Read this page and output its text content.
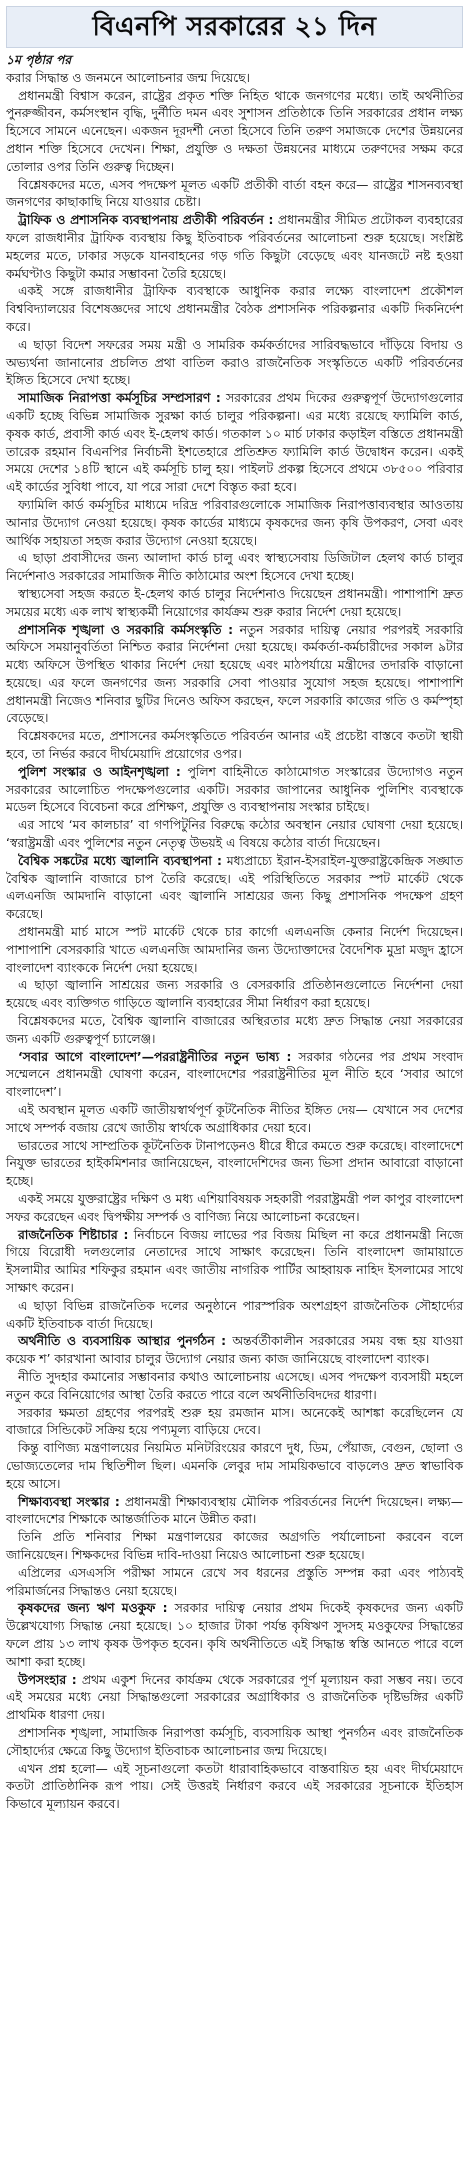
বিএনপি সরকারের ২১ দিন

১ম পৃষ্ঠার পর

করার সিদ্ধান্ত ও জনমনে আলোচনার জন্ম দিয়েছে।

প্রধানমন্ত্রী বিশ্বাস করেন, রাষ্ট্রের প্রকৃত শক্তি নিহিত থাকে জনগণের মধ্যে। তাই অর্থনীতির পুনরুজ্জীবন, কর্মসংস্থান বৃদ্ধি, দুর্নীতি দমন এবং সুশাসন প্রতিষ্ঠাকে তিনি সরকারের প্রধান লক্ষ্য হিসেবে সামনে এনেছেন। একজন দূরদর্শী নেতা হিসেবে তিনি তরুণ সমাজকে দেশের উন্নয়নের প্রধান শক্তি হিসেবে দেখেন। শিক্ষা, প্রযুক্তি ও দক্ষতা উন্নয়নের মাধ্যমে তরুণদের সক্ষম করে তোলার ওপর তিনি গুরুত্ব দিচ্ছেন।

বিশ্লেষকদের মতে, এসব পদক্ষেপ মূলত একটি প্রতীকী বার্তা বহন করে— রাষ্ট্রের শাসনব্যবস্থা জনগণের কাছাকাছি নিয়ে যাওয়ার চেষ্টা।

ট্রাফিক ও প্রশাসনিক ব্যবস্থাপনায় প্রতীকী পরিবর্তন : প্রধানমন্ত্রীর সীমিত প্রটোকল ব্যবহারের ফলে রাজধানীর ট্রাফিক ব্যবস্থায় কিছু ইতিবাচক পরিবর্তনের আলোচনা শুরু হয়েছে। সংশ্লিষ্ট মহলের মতে, ঢাকার সড়কে যানবাহনের গড় গতি কিছুটা বেড়েছে এবং যানজটে নষ্ট হওয়া কর্মঘণ্টাও কিছুটা কমার সম্ভাবনা তৈরি হয়েছে।

একই সঙ্গে রাজধানীর ট্রাফিক ব্যবস্থাকে আধুনিক করার লক্ষ্যে বাংলাদেশ প্রকৌশল বিশ্ববিদ্যালয়ের বিশেষজ্ঞদের সাথে প্রধানমন্ত্রীর বৈঠক প্রশাসনিক পরিকল্পনার একটি দিকনির্দেশ করে।

এ ছাড়া বিদেশ সফরের সময় মন্ত্রী ও সামরিক কর্মকর্তাদের সারিবদ্ধভাবে দাঁড়িয়ে বিদায় ও অভ্যর্থনা জানানোর প্রচলিত প্রথা বাতিল করাও রাজনৈতিক সংস্কৃতিতে একটি পরিবর্তনের ইঙ্গিত হিসেবে দেখা হচ্ছে।

সামাজিক নিরাপত্তা কর্মসূচির সম্প্রসারণ : সরকারের প্রথম দিকের গুরুত্বপূর্ণ উদ্যোগগুলোর একটি হচ্ছে বিভিন্ন সামাজিক সুরক্ষা কার্ড চালুর পরিকল্পনা। এর মধ্যে রয়েছে ফ্যামিলি কার্ড, কৃষক কার্ড, প্রবাসী কার্ড এবং ই-হেলথ কার্ড। গতকাল ১০ মার্চ ঢাকার কড়াইল বস্তিতে প্রধানমন্ত্রী তারেক রহমান বিএনপির নির্বাচনী ইশতেহারে প্রতিশ্রুত ফ্যামিলি কার্ড উদ্বোধন করেন। একই সময়ে দেশের ১৪টি স্থানে এই কর্মসূচি চালু হয়। পাইলট প্রকল্প হিসেবে প্রথমে ৩৮৫০০ পরিবার এই কার্ডের সুবিধা পাবে, যা পরে সারা দেশে বিস্তৃত করা হবে।

ফ্যামিলি কার্ড কর্মসূচির মাধ্যমে দরিদ্র পরিবারগুলোকে সামাজিক নিরাপত্তাব্যবস্থার আওতায় আনার উদ্যোগ নেওয়া হয়েছে। কৃষক কার্ডের মাধ্যমে কৃষকদের জন্য কৃষি উপকরণ, সেবা এবং আর্থিক সহায়তা সহজ করার উদ্যোগ নেওয়া হয়েছে।

এ ছাড়া প্রবাসীদের জন্য আলাদা কার্ড চালু এবং স্বাস্থ্যসেবায় ডিজিটাল হেলথ কার্ড চালুর নির্দেশনাও সরকারের সামাজিক নীতি কাঠামোর অংশ হিসেবে দেখা হচ্ছে।

স্বাস্থ্যসেবা সহজ করতে ই-হেলথ কার্ড চালুর নির্দেশনাও দিয়েছেন প্রধানমন্ত্রী। পাশাপাশি দ্রুত সময়ের মধ্যে এক লাখ স্বাস্থ্যকর্মী নিয়োগের কার্যক্রম শুরু করার নির্দেশ দেয়া হয়েছে।

প্রশাসনিক শৃঙ্খলা ও সরকারি কর্মসংস্কৃতি : নতুন সরকার দায়িত্ব নেয়ার পরপরই সরকারি অফিসে সময়ানুবর্তিতা নিশ্চিত করার নির্দেশনা দেয়া হয়েছে। কর্মকর্তা-কর্মচারীদের সকাল ৯টার মধ্যে অফিসে উপস্থিত থাকার নির্দেশ দেয়া হয়েছে এবং মাঠপর্যায়ে মন্ত্রীদের তদারকি বাড়ানো হয়েছে। এর ফলে জনগণের জন্য সরকারি সেবা পাওয়ার সুযোগ সহজ হয়েছে। পাশাপাশি প্রধানমন্ত্রী নিজেও শনিবার ছুটির দিনেও অফিস করছেন, ফলে সরকারি কাজের গতি ও কর্মস্পৃহা বেড়েছে।

বিশ্লেষকদের মতে, প্রশাসনের কর্মসংস্কৃতিতে পরিবর্তন আনার এই প্রচেষ্টা বাস্তবে কতটা স্থায়ী হবে, তা নির্ভর করবে দীর্ঘমেয়াদি প্রয়োগের ওপর।

পুলিশ সংস্কার ও আইনশৃঙ্খলা : পুলিশ বাহিনীতে কাঠামোগত সংস্কারের উদ্যোগও নতুন সরকারের আলোচিত পদক্ষেপগুলোর একটি। সরকার জাপানের আধুনিক পুলিশিং ব্যবস্থাকে মডেল হিসেবে বিবেচনা করে প্রশিক্ষণ, প্রযুক্তি ও ব্যবস্থাপনায় সংস্কার চাইছে।

এর সাথে ‘মব কালচার’ বা গণপিটুনির বিরুদ্ধে কঠোর অবস্থান নেয়ার ঘোষণা দেয়া হয়েছে। ‘স্বরাষ্ট্রমন্ত্রী এবং পুলিশের নতুন নেতৃত্ব উভয়ই এ বিষয়ে কঠোর বার্তা দিয়েছেন।

বৈশ্বিক সঙ্কটের মধ্যে জ্বালানি ব্যবস্থাপনা : মধ্যপ্রাচ্যে ইরান-ইসরাইল-যুক্তরাষ্ট্রকেন্দ্রিক সঙ্ঘাত বৈশ্বিক জ্বালানি বাজারে চাপ তৈরি করেছে। এই পরিস্থিতিতে সরকার স্পট মার্কেট থেকে এলএনজি আমদানি বাড়ানো এবং জ্বালানি সাশ্রয়ের জন্য কিছু প্রশাসনিক পদক্ষেপ গ্রহণ করেছে।

প্রধানমন্ত্রী মার্চ মাসে স্পট মার্কেট থেকে চার কার্গো এলএনজি কেনার নির্দেশ দিয়েছেন। পাশাপাশি বেসরকারি খাতে এলএনজি আমদানির জন্য উদ্যোক্তাদের বৈদেশিক মুদ্রা মজুদ হ্রাসে বাংলাদেশ ব্যাংককে নির্দেশ দেয়া হয়েছে।

এ ছাড়া জ্বালানি সাশ্রয়ের জন্য সরকারি ও বেসরকারি প্রতিষ্ঠানগুলোতে নির্দেশনা দেয়া হয়েছে এবং ব্যক্তিগত গাড়িতে জ্বালানি ব্যবহারের সীমা নির্ধারণ করা হয়েছে।

বিশ্লেষকদের মতে, বৈশ্বিক জ্বালানি বাজারের অস্থিরতার মধ্যে দ্রুত সিদ্ধান্ত নেয়া সরকারের জন্য একটি গুরুত্বপূর্ণ চ্যালেঞ্জ।

‘সবার আগে বাংলাদেশ’—পররাষ্ট্রনীতির নতুন ভাষ্য : সরকার গঠনের পর প্রথম সংবাদ সম্মেলনে প্রধানমন্ত্রী ঘোষণা করেন, বাংলাদেশের পররাষ্ট্রনীতির মূল নীতি হবে ‘সবার আগে বাংলাদেশ’।

এই অবস্থান মূলত একটি জাতীয়স্বার্থপূর্ণ কূটনৈতিক নীতির ইঙ্গিত দেয়— যেখানে সব দেশের সাথে সম্পর্ক বজায় রেখে জাতীয় স্বার্থকে অগ্রাধিকার দেয়া হবে।

ভারতের সাথে সাম্প্রতিক কূটনৈতিক টানাপড়েনও ধীরে ধীরে কমতে শুরু করেছে। বাংলাদেশে নিযুক্ত ভারতের হাইকমিশনার জানিয়েছেন, বাংলাদেশিদের জন্য ভিসা প্রদান আবারো বাড়ানো হচ্ছে।

একই সময়ে যুক্তরাষ্ট্রের দক্ষিণ ও মধ্য এশিয়াবিষয়ক সহকারী পররাষ্ট্রমন্ত্রী পল কাপুর বাংলাদেশ সফর করেছেন এবং দ্বিপক্ষীয় সম্পর্ক ও বাণিজ্য নিয়ে আলোচনা করেছেন।

রাজনৈতিক শিষ্টাচার : নির্বাচনে বিজয় লাভের পর বিজয় মিছিল না করে প্রধানমন্ত্রী নিজে গিয়ে বিরোধী দলগুলোর নেতাদের সাথে সাক্ষাৎ করেছেন। তিনি বাংলাদেশ জামায়াতে ইসলামীর আমির শফিকুর রহমান এবং জাতীয় নাগরিক পার্টির আহ্বায়ক নাহিদ ইসলামের সাথে সাক্ষাৎ করেন।

এ ছাড়া বিভিন্ন রাজনৈতিক দলের অনুষ্ঠানে পারস্পরিক অংশগ্রহণ রাজনৈতিক সৌহার্দ্যের একটি ইতিবাচক বার্তা দিয়েছে।

অর্থনীতি ও ব্যবসায়িক আস্থার পুনর্গঠন : অন্তর্বর্তীকালীন সরকারের সময় বন্ধ হয় যাওয়া কয়েক শ’ কারখানা আবার চালুর উদ্যোগ নেয়ার জন্য কাজ জানিয়েছে বাংলাদেশ ব্যাংক।

নীতি সুদহার কমানোর সম্ভাবনার কথাও আলোচনায় এসেছে। এসব পদক্ষেপ ব্যবসায়ী মহলে নতুন করে বিনিয়োগের আস্থা তৈরি করতে পারে বলে অর্থনীতিবিদদের ধারণা।

সরকার ক্ষমতা গ্রহণের পরপরই শুরু হয় রমজান মাস। অনেকেই আশঙ্কা করেছিলেন যে বাজারে সিন্ডিকেট সক্রিয় হয়ে পণ্যমূল্য বাড়িয়ে দেবে।

কিন্তু বাণিজ্য মন্ত্রণালয়ের নিয়মিত মনিটরিংয়ের কারণে দুধ, ডিম, পেঁয়াজ, বেগুন, ছোলা ও ভোজ্যতেলের দাম স্থিতিশীল ছিল। এমনকি লেবুর দাম সাময়িকভাবে বাড়লেও দ্রুত স্বাভাবিক হয়ে আসে।

শিক্ষাব্যবস্থা সংস্কার : প্রধানমন্ত্রী শিক্ষাব্যবস্থায় মৌলিক পরিবর্তনের নির্দেশ দিয়েছেন। লক্ষ্য— বাংলাদেশের শিক্ষাকে আন্তর্জাতিক মানে উন্নীত করা।

তিনি প্রতি শনিবার শিক্ষা মন্ত্রণালয়ের কাজের অগ্রগতি পর্যালোচনা করবেন বলে জানিয়েছেন। শিক্ষকদের বিভিন্ন দাবি-দাওয়া নিয়েও আলোচনা শুরু হয়েছে।

এপ্রিলের এসএসসি পরীক্ষা সামনে রেখে সব ধরনের প্রস্তুতি সম্পন্ন করা এবং পাঠ্যবই পরিমার্জনের সিদ্ধান্তও নেয়া হয়েছে।

কৃষকদের জন্য ঋণ মওকুফ : সরকার দায়িত্ব নেয়ার প্রথম দিকেই কৃষকদের জন্য একটি উল্লেখযোগ্য সিদ্ধান্ত নেয়া হয়েছে। ১০ হাজার টাকা পর্যন্ত কৃষিঋণ সুদসহ মওকুফের সিদ্ধান্তের ফলে প্রায় ১৩ লাখ কৃষক উপকৃত হবেন। কৃষি অর্থনীতিতে এই সিদ্ধান্ত স্বস্তি আনতে পারে বলে আশা করা হচ্ছে।

উপসংহার : প্রথম একুশ দিনের কার্যক্রম থেকে সরকারের পূর্ণ মূল্যায়ন করা সম্ভব নয়। তবে এই সময়ের মধ্যে নেয়া সিদ্ধান্তগুলো সরকারের অগ্রাধিকার ও রাজনৈতিক দৃষ্টিভঙ্গির একটি প্রাথমিক ধারণা দেয়।

প্রশাসনিক শৃঙ্খলা, সামাজিক নিরাপত্তা কর্মসূচি, ব্যবসায়িক আস্থা পুনর্গঠন এবং রাজনৈতিক সৌহার্দ্যের ক্ষেত্রে কিছু উদ্যোগ ইতিবাচক আলোচনার জন্ম দিয়েছে।

এখন প্রশ্ন হলো— এই সূচনাগুলো কতটা ধারাবাহিকভাবে বাস্তবায়িত হয় এবং দীর্ঘমেয়াদে কতটা প্রাতিষ্ঠানিক রূপ পায়। সেই উত্তরই নির্ধারণ করবে এই সরকারের সূচনাকে ইতিহাস কিভাবে মূল্যায়ন করবে।
